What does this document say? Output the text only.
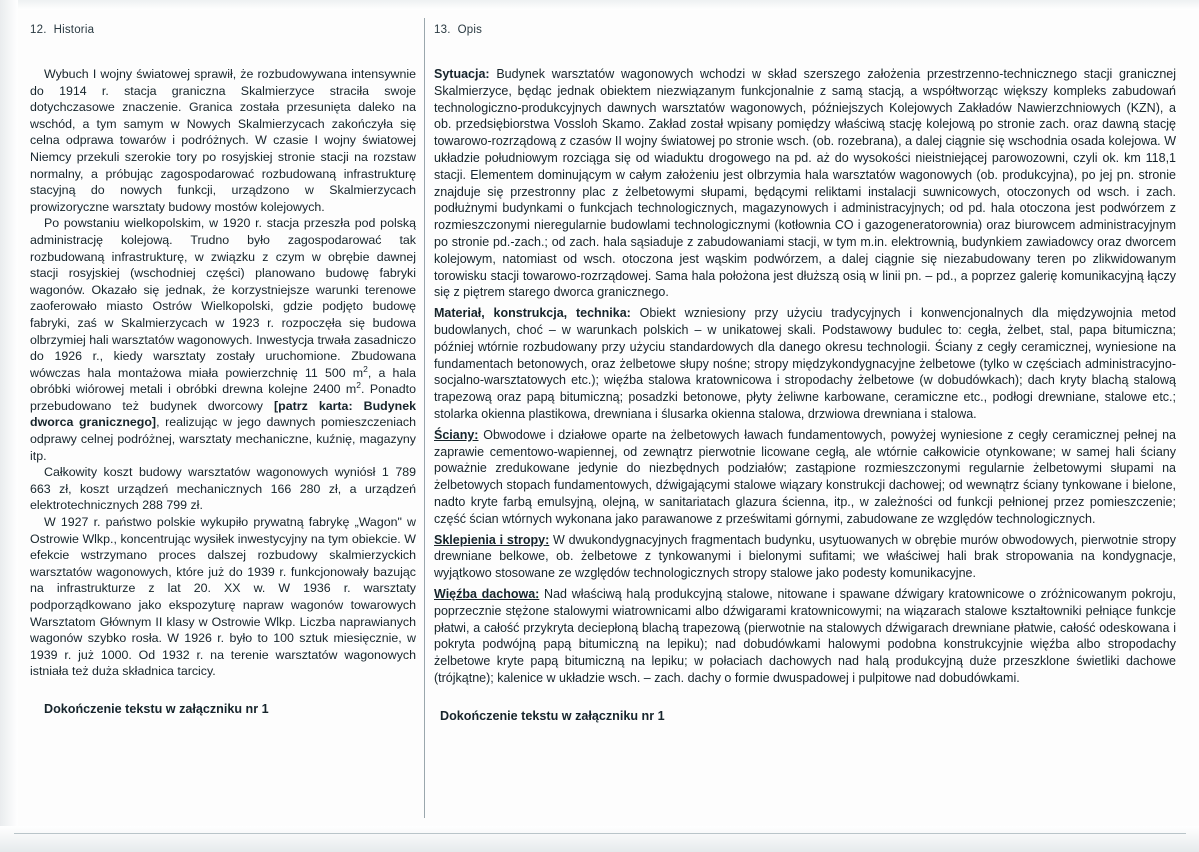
12. Historia

Wybuch I wojny światowej sprawił, że rozbudowywana intensywnie do 1914 r. stacja graniczna Skalmierzyce straciła swoje dotychczasowe znaczenie. Granica została przesunięta daleko na wschód, a tym samym w Nowych Skalmierzycach zakończyła się celna odprawa towarów i podróżnych. W czasie I wojny światowej Niemcy przekuli szerokie tory po rosyjskiej stronie stacji na rozstaw normalny, a próbując zagospodarować rozbudowaną infrastrukturę stacyjną do nowych funkcji, urządzono w Skalmierzycach prowizoryczne warsztaty budowy mostów kolejowych.

Po powstaniu wielkopolskim, w 1920 r. stacja przeszła pod polską administrację kolejową. Trudno było zagospodarować tak rozbudowaną infrastrukturę, w związku z czym w obrębie dawnej stacji rosyjskiej (wschodniej części) planowano budowę fabryki wagonów. Okazało się jednak, że korzystniejsze warunki terenowe zaoferowało miasto Ostrów Wielkopolski, gdzie podjęto budowę fabryki, zaś w Skalmierzycach w 1923 r. rozpoczęła się budowa olbrzymiej hali warsztatów wagonowych. Inwestycja trwała zasadniczo do 1926 r., kiedy warsztaty zostały uruchomione. Zbudowana wówczas hala montażowa miała powierzchnię 11 500 $m^2$, a hala obróbki wiórowej metali i obróbki drewna kolejne 2400 $m^2$. Ponadto przebudowano też budynek dworcowy [patrz karta: Budynek dworca granicznego], realizując w jego dawnych pomieszczeniach odprawy celnej podróżnej, warsztaty mechaniczne, kuźnię, magazyny itp.

Całkowity koszt budowy warsztatów wagonowych wyniósł 1 789 663 zł, koszt urządzeń mechanicznych 166 280 zł, a urządzeń elektrotechnicznych 288 799 zł.

W 1927 r. państwo polskie wykupiło prywatną fabrykę „Wagon" w Ostrowie Wlkp., koncentrując wysiłek inwestycyjny na tym obiekcie. W efekcie wstrzymano proces dalszej rozbudowy skalmierzyckich warsztatów wagonowych, które już do 1939 r. funkcjonowały bazując na infrastrukturze z lat 20. XX w. W 1936 r. warsztaty podporządkowano jako ekspozyturę napraw wagonów towarowych Warsztatom Głównym II klasy w Ostrowie Wlkp. Liczba naprawianych wagonów szybko rosła. W 1926 r. było to 100 sztuk miesięcznie, w 1939 r. już 1000. Od 1932 r. na terenie warsztatów wagonowych istniała też duża składnica tarcicy.

Dokończenie tekstu w załączniku nr 1
13. Opis

Sytuacja: Budynek warsztatów wagonowych wchodzi w skład szerszego założenia przestrzenno-technicznego stacji granicznej Skalmierzyce, będąc jednak obiektem niezwiązanym funkcjonalnie z samą stacją, a współtworząc większy kompleks zabudowań technologiczno-produkcyjnych dawnych warsztatów wagonowych, późniejszych Kolejowych Zakładów Nawierzchniowych (KZN), a ob. przedsiębiorstwa Vossloh Skamo. Zakład został wpisany pomiędzy właściwą stację kolejową po stronie zach. oraz dawną stację towarowo-rozrządową z czasów II wojny światowej po stronie wsch. (ob. rozebrana), a dalej ciągnie się wschodnia osada kolejowa. W układzie południowym rozciąga się od wiaduktu drogowego na pd. aż do wysokości nieistniejącej parowozowni, czyli ok. km 118,1 stacji. Elementem dominującym w całym założeniu jest olbrzymia hala warsztatów wagonowych (ob. produkcyjna), po jej pn. stronie znajduje się przestronny plac z żelbetowymi słupami, będącymi reliktami instalacji suwnicowych, otoczonych od wsch. i zach. podłużnymi budynkami o funkcjach technologicznych, magazynowych i administracyjnych; od pd. hala otoczona jest podwórzem z rozmieszczonymi nieregularnie budowlami technologicznymi (kotłownia CO i gazogeneratorownia) oraz biurowcem administracyjnym po stronie pd.-zach.; od zach. hala sąsiaduje z zabudowaniami stacji, w tym m.in. elektrownią, budynkiem zawiadowcy oraz dworcem kolejowym, natomiast od wsch. otoczona jest wąskim podwórzem, a dalej ciągnie się niezabudowany teren po zlikwidowanym torowisku stacji towarowo-rozrządowej. Sama hala położona jest dłuższą osią w linii pn. – pd., a poprzez galerię komunikacyjną łączy się z piętrem starego dworca granicznego.

Materiał, konstrukcja, technika: Obiekt wzniesiony przy użyciu tradycyjnych i konwencjonalnych dla międzywojnia metod budowlanych, choć – w warunkach polskich – w unikatowej skali. Podstawowy budulec to: cegła, żelbet, stal, papa bitumiczna; później wtórnie rozbudowany przy użyciu standardowych dla danego okresu technologii. Ściany z cegły ceramicznej, wyniesione na fundamentach betonowych, oraz żelbetowe słupy nośne; stropy międzykondygnacyjne żelbetowe (tylko w częściach administracyjno-socjalno-warsztatowych etc.); więźba stalowa kratownicowa i stropodachy żelbetowe (w dobudówkach); dach kryty blachą stalową trapezową oraz papą bitumiczną; posadzki betonowe, płyty żeliwne karbowane, ceramiczne etc., podłogi drewniane, stalowe etc.; stolarka okienna plastikowa, drewniana i ślusarka okienna stalowa, drzwiowa drewniana i stalowa.

Ściany: Obwodowe i działowe oparte na żelbetowych ławach fundamentowych, powyżej wyniesione z cegły ceramicznej pełnej na zaprawie cementowo-wapiennej, od zewnątrz pierwotnie licowane cegłą, ale wtórnie całkowicie otynkowane; w samej hali ściany poważnie zredukowane jedynie do niezbędnych podziałów; zastąpione rozmieszczonymi regularnie żelbetowymi słupami na żelbetowych stopach fundamentowych, dźwigającymi stalowe wiązary konstrukcji dachowej; od wewnątrz ściany tynkowane i bielone, nadto kryte farbą emulsyjną, olejną, w sanitariatach glazura ścienna, itp., w zależności od funkcji pełnionej przez pomieszczenie; część ścian wtórnych wykonana jako parawanowe z prześwitami górnymi, zabudowane ze względów technologicznych.

Sklepienia i stropy: W dwukondygnacyjnych fragmentach budynku, usytuowanych w obrębie murów obwodowych, pierwotnie stropy drewniane belkowe, ob. żelbetowe z tynkowanymi i bielonymi sufitami; we właściwej hali brak stropowania na kondygnacje, wyjątkowo stosowane ze względów technologicznych stropy stalowe jako podesty komunikacyjne.

Więźba dachowa: Nad właściwą halą produkcyjną stalowe, nitowane i spawane dźwigary kratownicowe o zróżnicowanym pokroju, poprzecznie stężone stalowymi wiatrownicami albo dźwigarami kratownicowymi; na wiązarach stalowe kształtowniki pełniące funkcje płatwi, a całość przykryta deciepłoną blachą trapezową (pierwotnie na stalowych dźwigarach drewniane płatwie, całość odeskowana i pokryta podwójną papą bitumiczną na lepiku); nad dobudówkami halowymi podobna konstrukcyjnie więźba albo stropodachy żelbetowe kryte papą bitumiczną na lepiku; w połaciach dachowych nad halą produkcyjną duże przeszklone świetliki dachowe (trójkątne); kalenice w układzie wsch. – zach. dachy o formie dwuspadowej i pulpitowe nad dobudówkami.

Dokończenie tekstu w załączniku nr 1
